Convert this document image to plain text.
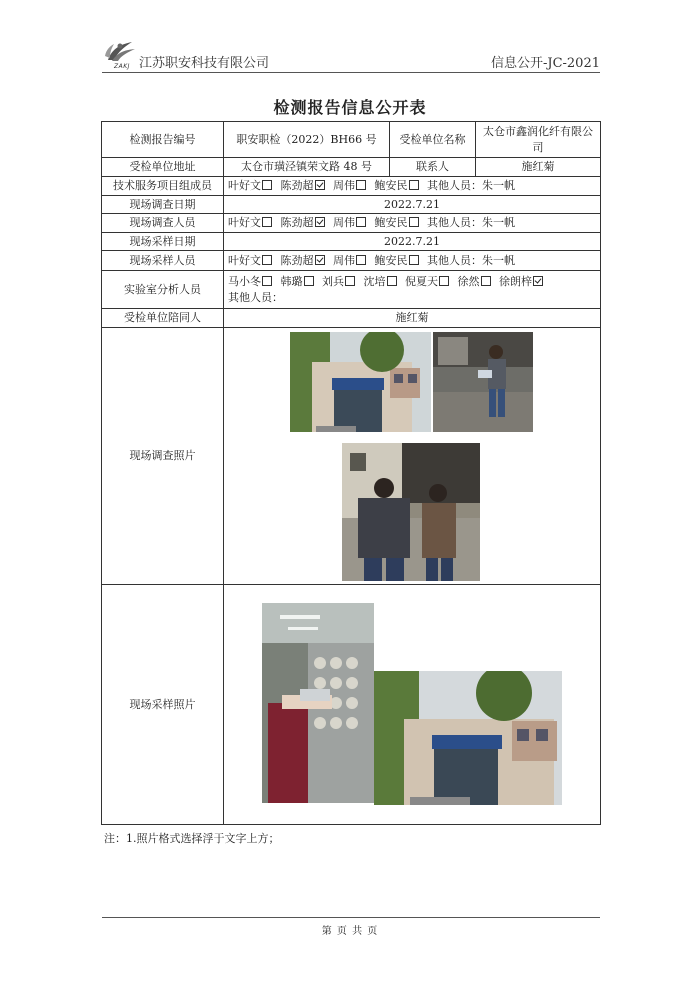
ZAKJ 江苏职安科技有限公司	信息公开-JC-2021
检测报告信息公开表
检测报告编号	职安职检（2022）BH66 号	受检单位名称	太仓市鑫润化纤有限公司
受检单位地址	太仓市璜泾镇荣文路 48 号	联系人	施红菊
技术服务项目组成员	叶好文 陈劲超 周伟 鲍安民 其他人员：朱一帆		
现场调查日期	2022.7.21		
现场调查人员	叶好文 陈劲超 周伟 鲍安民 其他人员：朱一帆		
现场采样日期	2022.7.21		
现场采样人员	叶好文 陈劲超 周伟 鲍安民 其他人员：朱一帆		
实验室分析人员	马小冬 韩璐 刘兵 沈培 倪夏天 徐然 徐朗梓
其他人员：		
受检单位陪同人	施红菊		
现场调查照片	

现场采样照片	
注：1.照片格式选择浮于文字上方；
第 页 共 页
